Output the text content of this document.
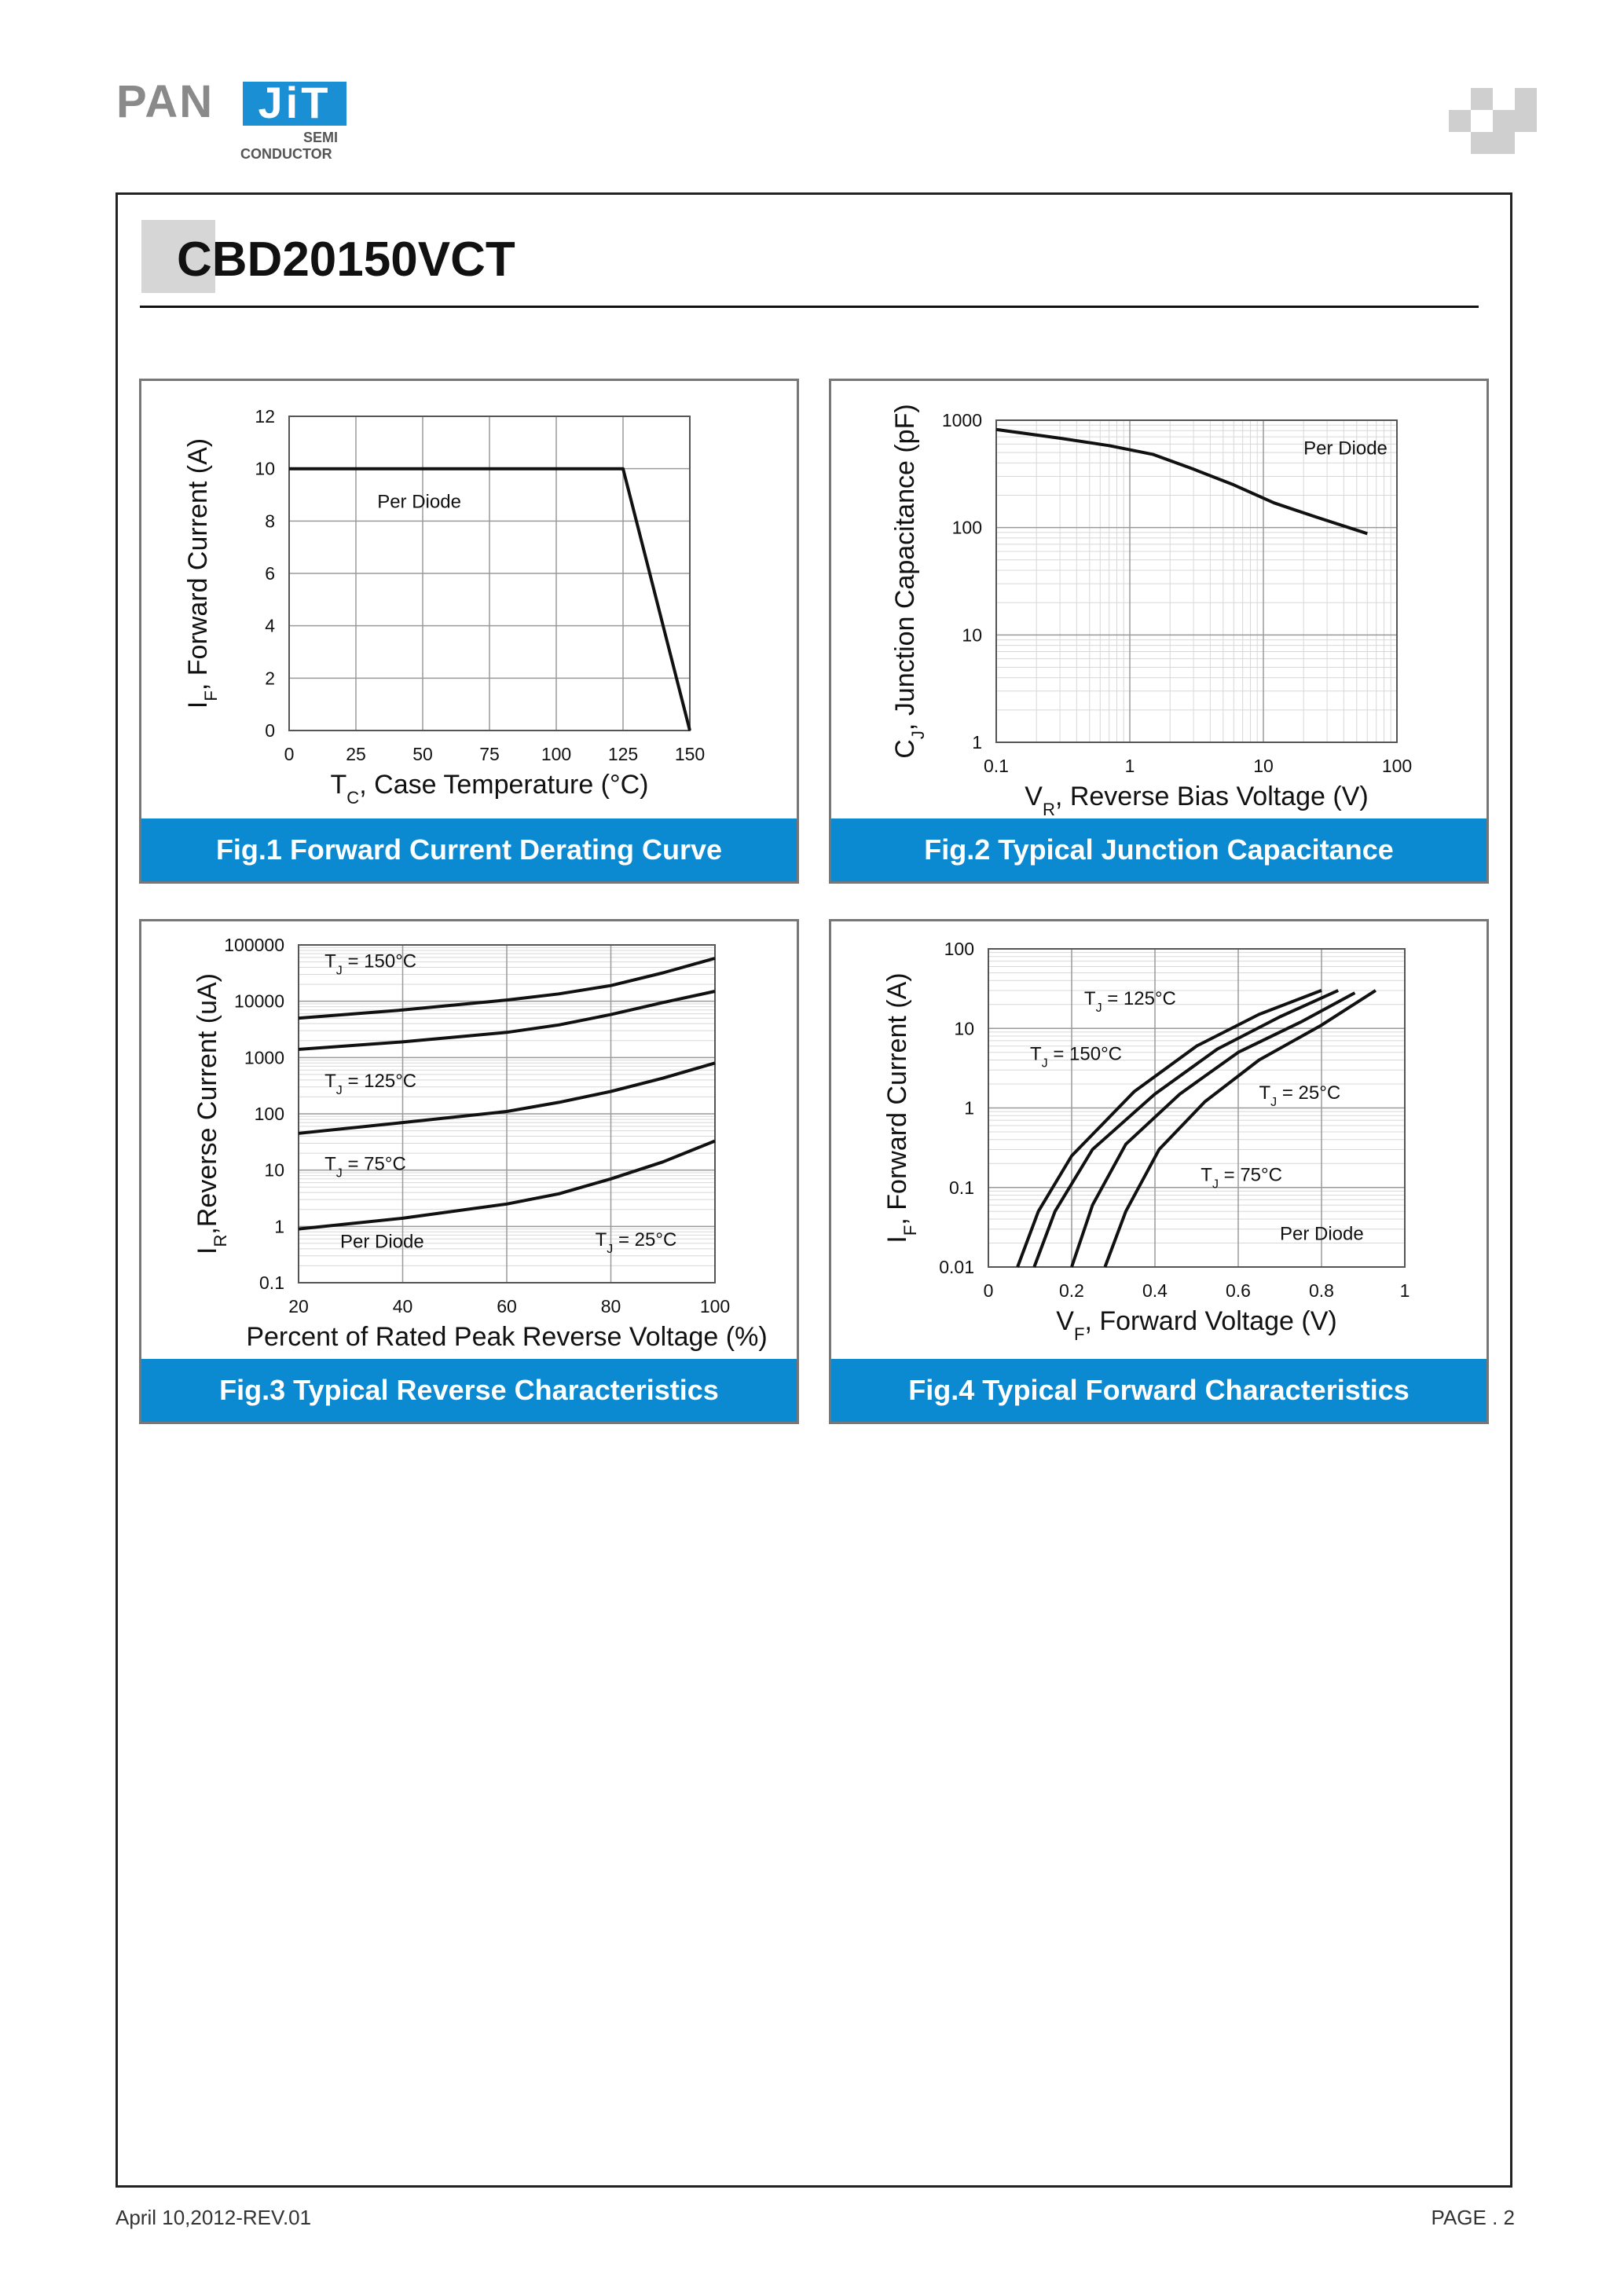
PAN	JiT
SEMI
CONDUCTOR
CBD20150VCT
0	25	50	75 100 125 150
0
2
4
6
8
10
12
Per Diode
$T_C$, Case Temperature (°C)
$I_F$, Forward Current (A)
Fig.1 Forward Current Derating Curve
0.1	1	10	100
1
10
100
1000
Per Diode
$V_R$, Reverse Bias Voltage (V)
$C_J$, Junction Capacitance (pF)
Fig.2 Typical Junction Capacitance
20	40	60	80	100
0.1
1
10
100
1000
10000
100000
$T_J = 150^\circ C$
$T_J = 125^\circ C$
$T_J = 75^\circ C$
Per Diode	$T_J = 25^\circ C$
Percent of Rated Peak Reverse Voltage (%)
$I_R,Reverse$ Current (uA)
Fig.3 Typical Reverse Characteristics
0	0.2	0.4	0.6	0.8	1
0.01
0.1
1
10
100
$T_J = 125^\circ C$
$T_J = 150^\circ C$
$T_J = 25^\circ C$
$T_J = 75^\circ C$
Per Diode
$V_F$, Forward Voltage (V)
$I_F$, Forward Current (A)
Fig.4 Typical Forward Characteristics
April 10,2012-REV.01	PAGE . 2
